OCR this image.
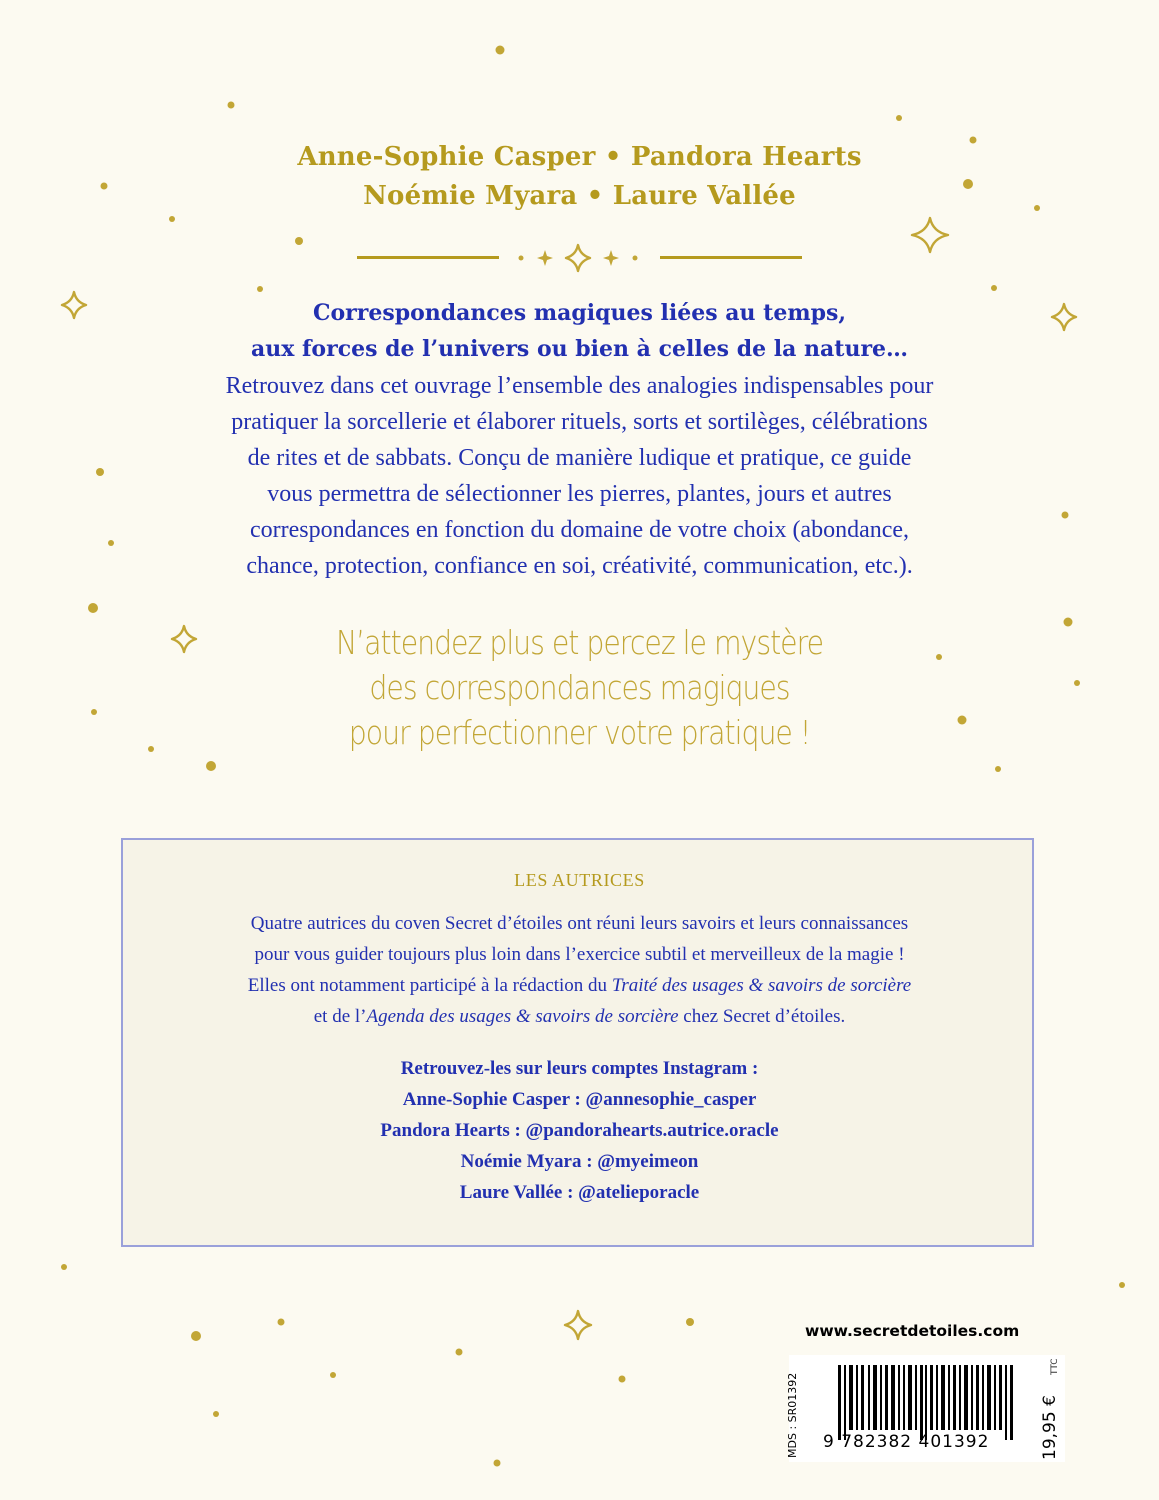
Anne-Sophie Casper • Pandora Hearts
Noémie Myara • Laure Vallée
Correspondances magiques liées au temps,
aux forces de l’univers ou bien à celles de la nature…
Retrouvez dans cet ouvrage l’ensemble des analogies indispensables pour
pratiquer la sorcellerie et élaborer rituels, sorts et sortilèges, célébrations
de rites et de sabbats. Conçu de manière ludique et pratique, ce guide
vous permettra de sélectionner les pierres, plantes, jours et autres
correspondances en fonction du domaine de votre choix (abondance,
chance, protection, confiance en soi, créativité, communication, etc.).
N’attendez plus et percez le mystère
des correspondances magiques
pour perfectionner votre pratique !
LES AUTRICES
Quatre autrices du coven Secret d’étoiles ont réuni leurs savoirs et leurs connaissances
pour vous guider toujours plus loin dans l’exercice subtil et merveilleux de la magie !
Elles ont notamment participé à la rédaction du Traité des usages & savoirs de sorcière
et de l’Agenda des usages & savoirs de sorcière chez Secret d’étoiles.
Retrouvez-les sur leurs comptes Instagram :
Anne-Sophie Casper : @annesophie_casper
Pandora Hearts : @pandorahearts.autrice.oracle
Noémie Myara : @myeimeon
Laure Vallée : @ateliероracle
www.secretdetoiles.com
9 782382 401392
MDS : SR01392	19,95 €
TTC
